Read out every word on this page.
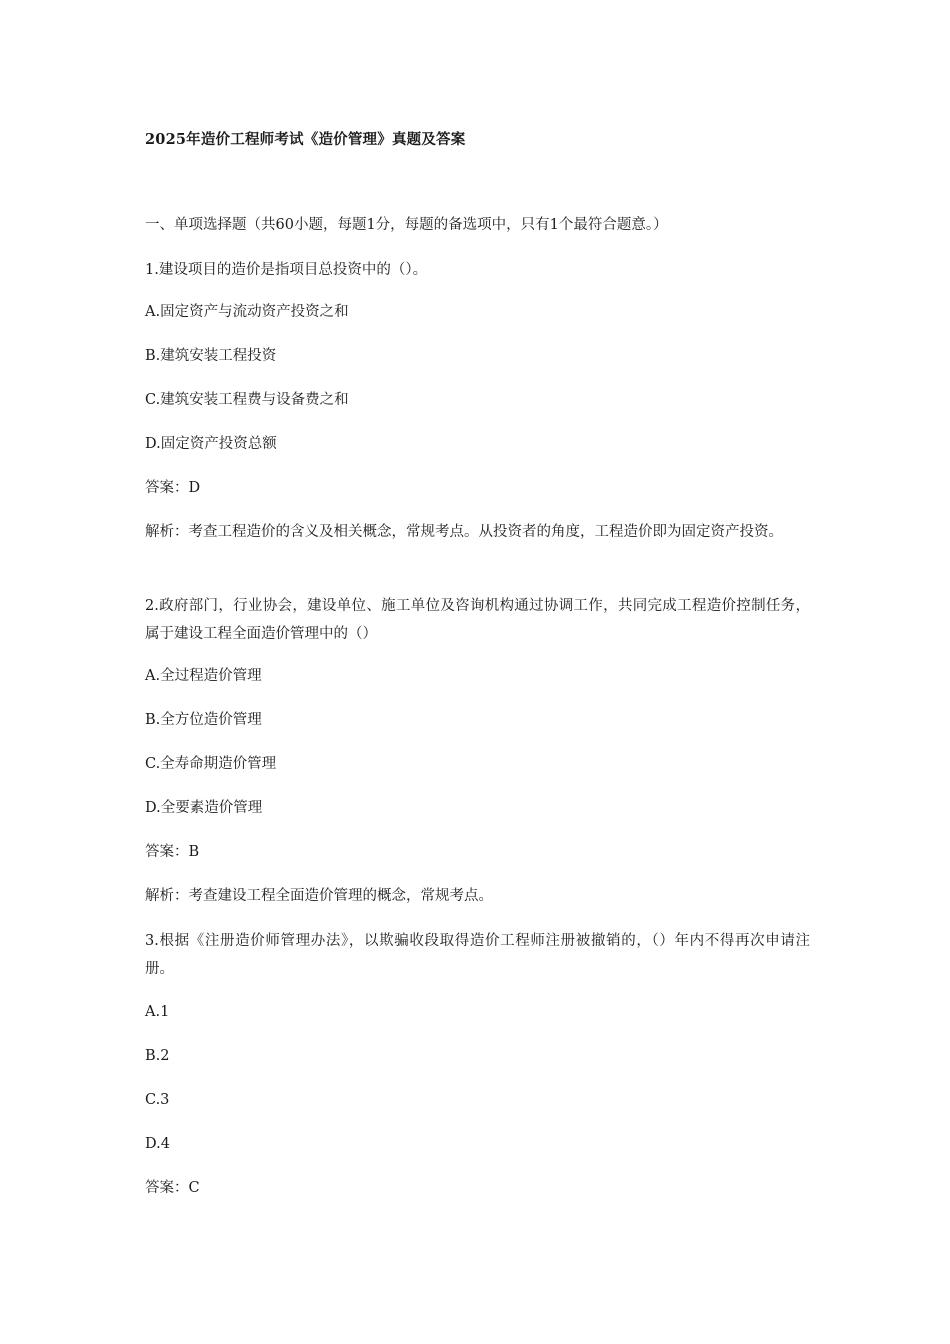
2025年造价工程师考试《造价管理》真题及答案
一、单项选择题（共60小题，每题1分，每题的备选项中，只有1个最符合题意。）
1.建设项目的造价是指项目总投资中的（）。
A.固定资产与流动资产投资之和
B.建筑安装工程投资
C.建筑安装工程费与设备费之和
D.固定资产投资总额
答案：D
解析：考查工程造价的含义及相关概念，常规考点。从投资者的角度，工程造价即为固定资产投资。
2.政府部门，行业协会，建设单位、施工单位及咨询机构通过协调工作，共同完成工程造价控制任务，属于建设工程全面造价管理中的（）
A.全过程造价管理
B.全方位造价管理
C.全寿命期造价管理
D.全要素造价管理
答案：B
解析：考查建设工程全面造价管理的概念，常规考点。
3.根据《注册造价师管理办法》，以欺骗收段取得造价工程师注册被撤销的，（）年内不得再次申请注册。
A.1
B.2
C.3
D.4
答案：C
